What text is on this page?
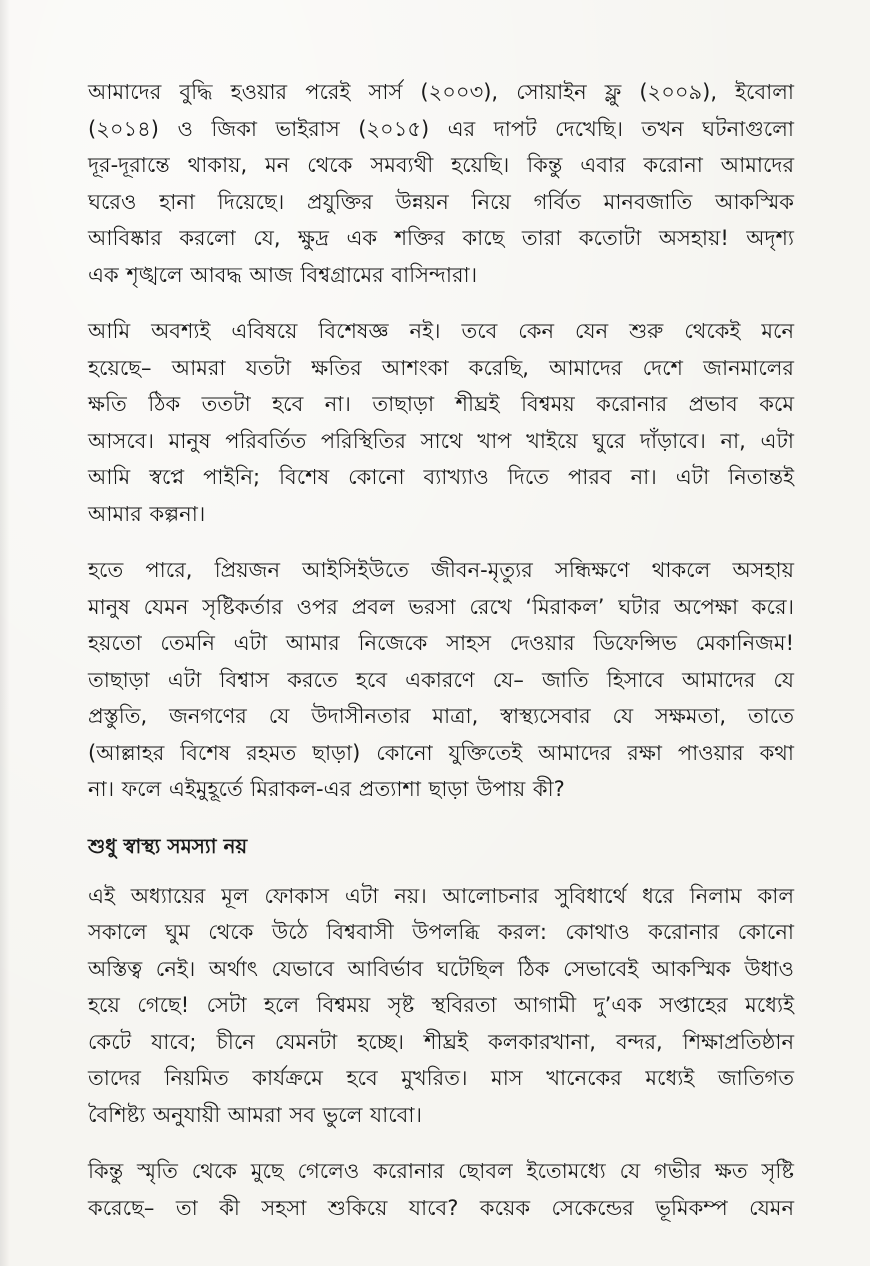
আমাদের বুদ্ধি হওয়ার পরেই সার্স (২০০৩), সোয়াইন ফ্লু (২০০৯), ইবোলা
(২০১৪) ও জিকা ভাইরাস (২০১৫) এর দাপট দেখেছি। তখন ঘটনাগুলো
দূর-দূরান্তে থাকায়, মন থেকে সমব্যথী হয়েছি। কিন্তু এবার করোনা আমাদের
ঘরেও হানা দিয়েছে। প্রযুক্তির উন্নয়ন নিয়ে গর্বিত মানবজাতি আকস্মিক
আবিষ্কার করলো যে, ক্ষুদ্র এক শক্তির কাছে তারা কতোটা অসহায়! অদৃশ্য
এক শৃঙ্খলে আবদ্ধ আজ বিশ্বগ্রামের বাসিন্দারা।
আমি অবশ্যই এবিষয়ে বিশেষজ্ঞ নই। তবে কেন যেন শুরু থেকেই মনে
হয়েছে– আমরা যতটা ক্ষতির আশংকা করেছি, আমাদের দেশে জানমালের
ক্ষতি ঠিক ততটা হবে না। তাছাড়া শীঘ্রই বিশ্বময় করোনার প্রভাব কমে
আসবে। মানুষ পরিবর্তিত পরিস্থিতির সাথে খাপ খাইয়ে ঘুরে দাঁড়াবে। না, এটা
আমি স্বপ্নে পাইনি; বিশেষ কোনো ব্যাখ্যাও দিতে পারব না। এটা নিতান্তই
আমার কল্পনা।
হতে পারে, প্রিয়জন আইসিইউতে জীবন-মৃত্যুর সন্ধিক্ষণে থাকলে অসহায়
মানুষ যেমন সৃষ্টিকর্তার ওপর প্রবল ভরসা রেখে ‘মিরাকল’ ঘটার অপেক্ষা করে।
হয়তো তেমনি এটা আমার নিজেকে সাহস দেওয়ার ডিফেন্সিভ মেকানিজম!
তাছাড়া এটা বিশ্বাস করতে হবে একারণে যে– জাতি হিসাবে আমাদের যে
প্রস্তুতি, জনগণের যে উদাসীনতার মাত্রা, স্বাস্থ্যসেবার যে সক্ষমতা, তাতে
(আল্লাহর বিশেষ রহমত ছাড়া) কোনো যুক্তিতেই আমাদের রক্ষা পাওয়ার কথা
না। ফলে এইমুহূর্তে মিরাকল-এর প্রত্যাশা ছাড়া উপায় কী?
শুধু স্বাস্থ্য সমস্যা নয়
এই অধ্যায়ের মূল ফোকাস এটা নয়। আলোচনার সুবিধার্থে ধরে নিলাম কাল
সকালে ঘুম থেকে উঠে বিশ্ববাসী উপলব্ধি করল: কোথাও করোনার কোনো
অস্তিত্ব নেই। অর্থাৎ যেভাবে আবির্ভাব ঘটেছিল ঠিক সেভাবেই আকস্মিক উধাও
হয়ে গেছে! সেটা হলে বিশ্বময় সৃষ্ট স্থবিরতা আগামী দু’এক সপ্তাহের মধ্যেই
কেটে যাবে; চীনে যেমনটা হচ্ছে। শীঘ্রই কলকারখানা, বন্দর, শিক্ষাপ্রতিষ্ঠান
তাদের নিয়মিত কার্যক্রমে হবে মুখরিত। মাস খানেকের মধ্যেই জাতিগত
বৈশিষ্ট্য অনুযায়ী আমরা সব ভুলে যাবো।
কিন্তু স্মৃতি থেকে মুছে গেলেও করোনার ছোবল ইতোমধ্যে যে গভীর ক্ষত সৃষ্টি
করেছে– তা কী সহসা শুকিয়ে যাবে? কয়েক সেকেন্ডের ভূমিকম্প যেমন
